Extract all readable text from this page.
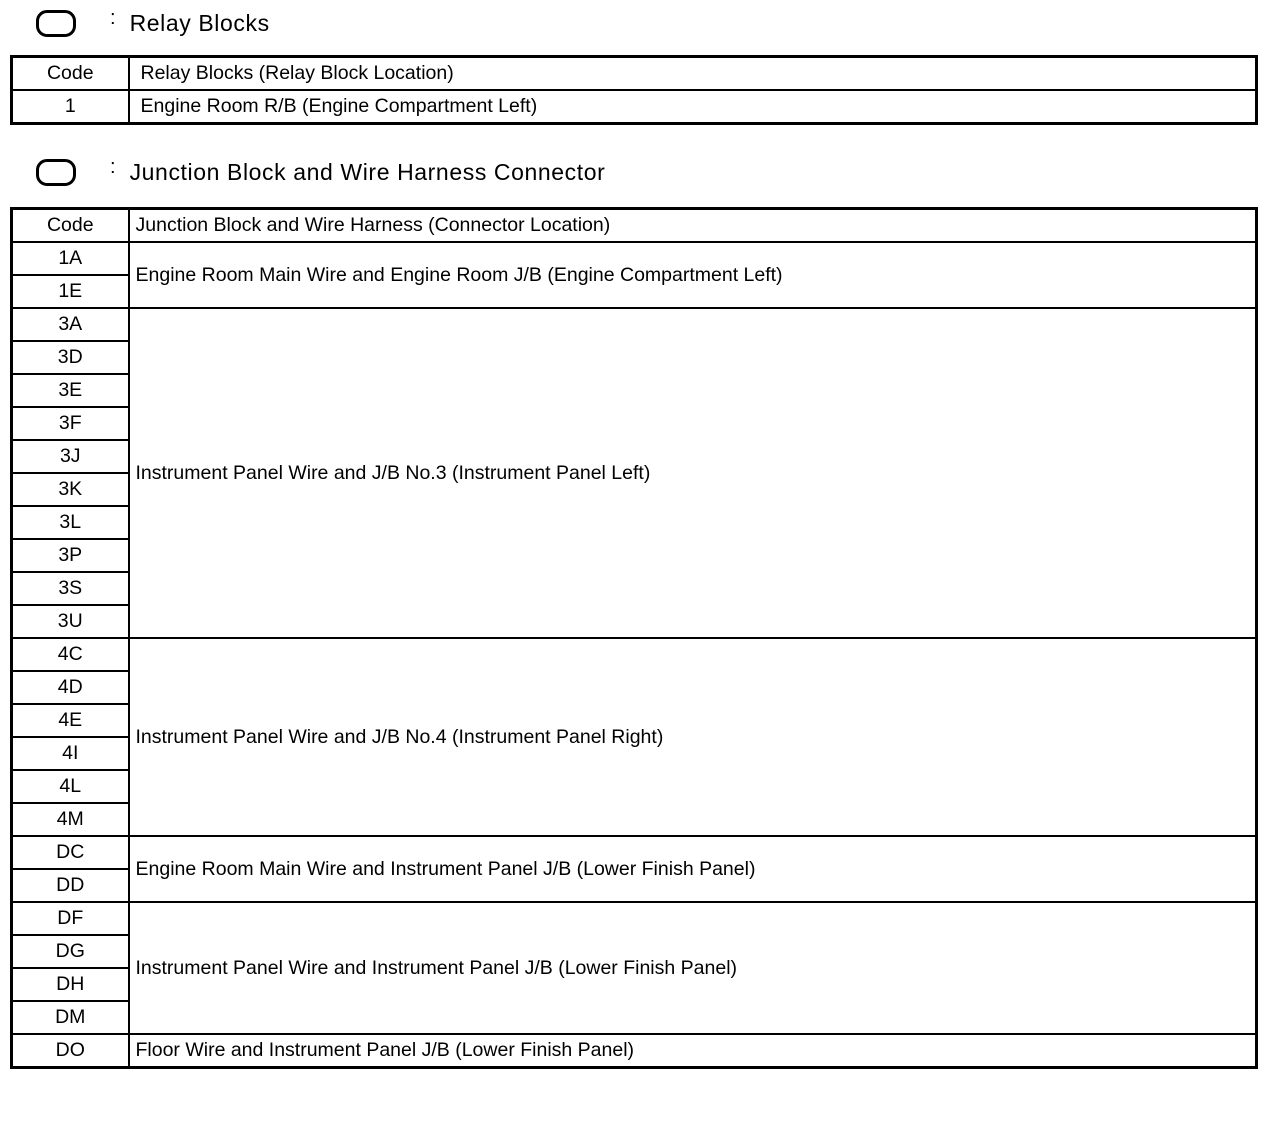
: Relay Blocks
Code	Relay Blocks (Relay Block Location)
1	Engine Room R/B (Engine Compartment Left)
: Junction Block and Wire Harness Connector
Code	Junction Block and Wire Harness (Connector Location)
1A	Engine Room Main Wire and Engine Room J/B (Engine Compartment Left)
1E	
3A	Instrument Panel Wire and J/B No.3 (Instrument Panel Left)
3D	
3E	
3F	
3J	
3K	
3L	
3P	
3S	
3U	
4C	Instrument Panel Wire and J/B No.4 (Instrument Panel Right)
4D	
4E	
4I	
4L	
4M	
DC	Engine Room Main Wire and Instrument Panel J/B (Lower Finish Panel)
DD	
DF	Instrument Panel Wire and Instrument Panel J/B (Lower Finish Panel)
DG	
DH	
DM	
DO	Floor Wire and Instrument Panel J/B (Lower Finish Panel)
